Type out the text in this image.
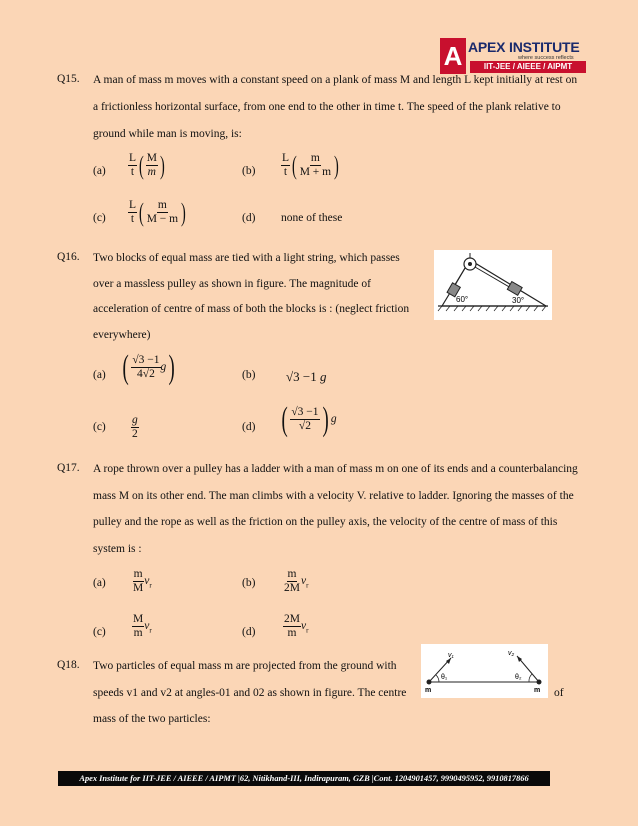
A APEX INSTITUTE
where success reflects
IIT-JEE / AIEEE / AIPMT
Q15. A man of mass m moves with a constant speed on a plank of mass M and length L kept initially at rest on
a frictionless horizontal surface, from one end to the other in time t. The speed of the plank relative to
ground while man is moving, is:
$(a) \frac{L}{t}$ ( $\frac{M}{m}$ )	$(b) \frac{L}{t}$ ( $\frac{m}{M + m}$ )
$(c) \frac{L}{t}$ ( $\frac{m}{M - m}$ )	(d) none of these
Q16. Two blocks of equal mass are tied with a light string, which passes
over a massless pulley as shown in figure. The magnitude of
acceleration of centre of mass of both the blocks is : (neglect friction
everywhere)
60°	30°
(a) ( $\frac{√3 -1}{4√2} g$)	(b) √3 −1 g
$(c) \frac{g}{2}$	(d) ( $\frac{√3 -1}{√2}$ ) g
Q17. A rope thrown over a pulley has a ladder with a man of mass m on one of its ends and a counterbalancing
mass M on its other end. The man climbs with a velocity V. relative to ladder. Ignoring the masses of the
pulley and the rope as well as the friction on the pulley axis, the velocity of the centre of mass of this
system is :
$(a) \frac{m}{M} v_r$	$(b) \frac{m}{2M} v_r$
$(c) \frac{M}{m} v_r$	$(d) \frac{2M}{m} v_r$
Q18. Two particles of equal mass m are projected from the ground with
speeds v1 and v2 at angles-01 and 02 as shown in figure. The centre	of
mass of the two particles:
v₁	v₂
θ₁	θ₂
m	m
Apex Institute for IIT-JEE / AIEEE / AIPMT |62, Nitikhand-III, Indirapuram, GZB |Cont. 1204901457, 9990495952, 9910817866
